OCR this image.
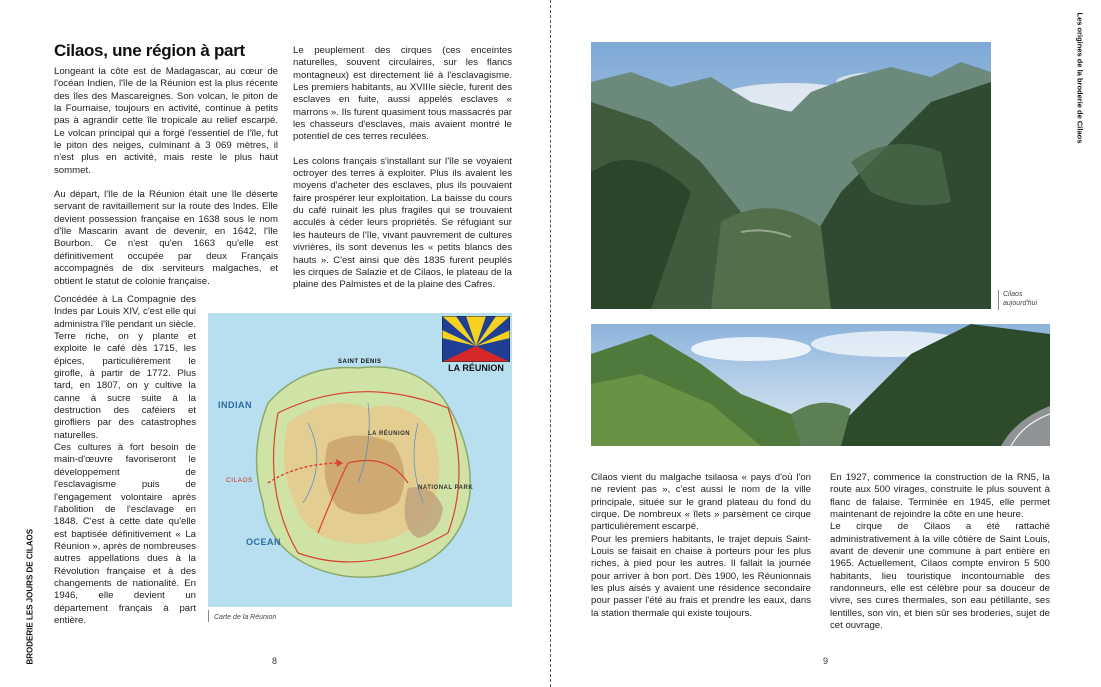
BRODERIE LES JOURS DE CILAOS
Cilaos, une région à part

Longeant la côte est de Madagascar, au cœur de l'océan Indien, l'île de la Réunion est la plus récente des îles des Mascareignes. Son volcan, le piton de la Fournaise, toujours en activité, continue à petits pas à agrandir cette île tropicale au relief escarpé. Le volcan principal qui a forgé l'essentiel de l'île, fut le piton des neiges, culminant à 3 069 mètres, il n'est plus en activité, mais reste le plus haut sommet.

Au départ, l'île de la Réunion était une île déserte servant de ravitaillement sur la route des Indes. Elle devient possession française en 1638 sous le nom d'île Mascarin avant de devenir, en 1642, l'île Bourbon. Ce n'est qu'en 1663 qu'elle est définitivement occupée par deux Français accompagnés de dix serviteurs malgaches, et obtient le statut de colonie française.

Concédée à La Compagnie des Indes par Louis XIV, c'est elle qui administra l'île pendant un siècle. Terre riche, on y plante et exploite le café dès 1715, les épices, particulièrement le girofle, à partir de 1772. Plus tard, en 1807, on y cultive la canne à sucre suite à la destruction des caféiers et girofliers par des catastrophes naturelles.

Ces cultures à fort besoin de main-d'œuvre favoriseront le développement de l'esclavagisme puis de l'engagement volontaire après l'abolition de l'esclavage en 1848. C'est à cette date qu'elle est baptisée définitivement « La Réunion », après de nombreuses autres appellations dues à la Révolution française et à des changements de nationalité. En 1946, elle devient un département français à part entière.

Le peuplement des cirques (ces enceintes naturelles, souvent circulaires, sur les flancs montagneux) est directement lié à l'esclavagisme. Les premiers habitants, au XVIIIe siècle, furent des esclaves en fuite, aussi appelés esclaves « marrons ». Ils furent quasiment tous massacrés par les chasseurs d'esclaves, mais avaient montré le potentiel de ces terres reculées.

Les colons français s'installant sur l'île se voyaient octroyer des terres à exploiter. Plus ils avaient les moyens d'acheter des esclaves, plus ils pouvaient faire prospérer leur exploitation. La baisse du cours du café ruinait les plus fragiles qui se trouvaient acculés à céder leurs propriétés. Se réfugiant sur les hauteurs de l'île, vivant pauvrement de cultures vivrières, ils sont devenus les « petits blancs des hauts ». C'est ainsi que dès 1835 furent peuplés les cirques de Salazie et de Cilaos, le plateau de la plaine des Palmistes et de la plaine des Cafres.

INDIAN
OCEAN
CILAOS
SAINT DENIS
LA RÉUNION
NATIONAL PARK
LA RÉUNION
Carte de la Réunion
8
Les origines de la broderie de Cilaos
Cilaos aujourd'hui

Cilaos vient du malgache tsilaosa « pays d'où l'on ne revient pas », c'est aussi le nom de la ville principale, située sur le grand plateau du fond du cirque. De nombreux « îlets » parsèment ce cirque particulièrement escarpé.

Pour les premiers habitants, le trajet depuis Saint-Louis se faisait en chaise à porteurs pour les plus riches, à pied pour les autres. Il fallait la journée pour arriver à bon port. Dès 1900, les Réunionnais les plus aisés y avaient une résidence secondaire pour passer l'été au frais et prendre les eaux, dans la station thermale qui existe toujours.

En 1927, commence la construction de la RN5, la route aux 500 virages, construite le plus souvent à flanc de falaise. Terminée en 1945, elle permet maintenant de rejoindre la côte en une heure.

Le cirque de Cilaos a été rattaché administrativement à la ville côtière de Saint Louis, avant de devenir une commune à part entière en 1965. Actuellement, Cilaos compte environ 5 500 habitants, lieu touristique incontournable des randonneurs, elle est célèbre pour sa douceur de vivre, ses cures thermales, son eau pétillante, ses lentilles, son vin, et bien sûr ses broderies, sujet de cet ouvrage.

9
